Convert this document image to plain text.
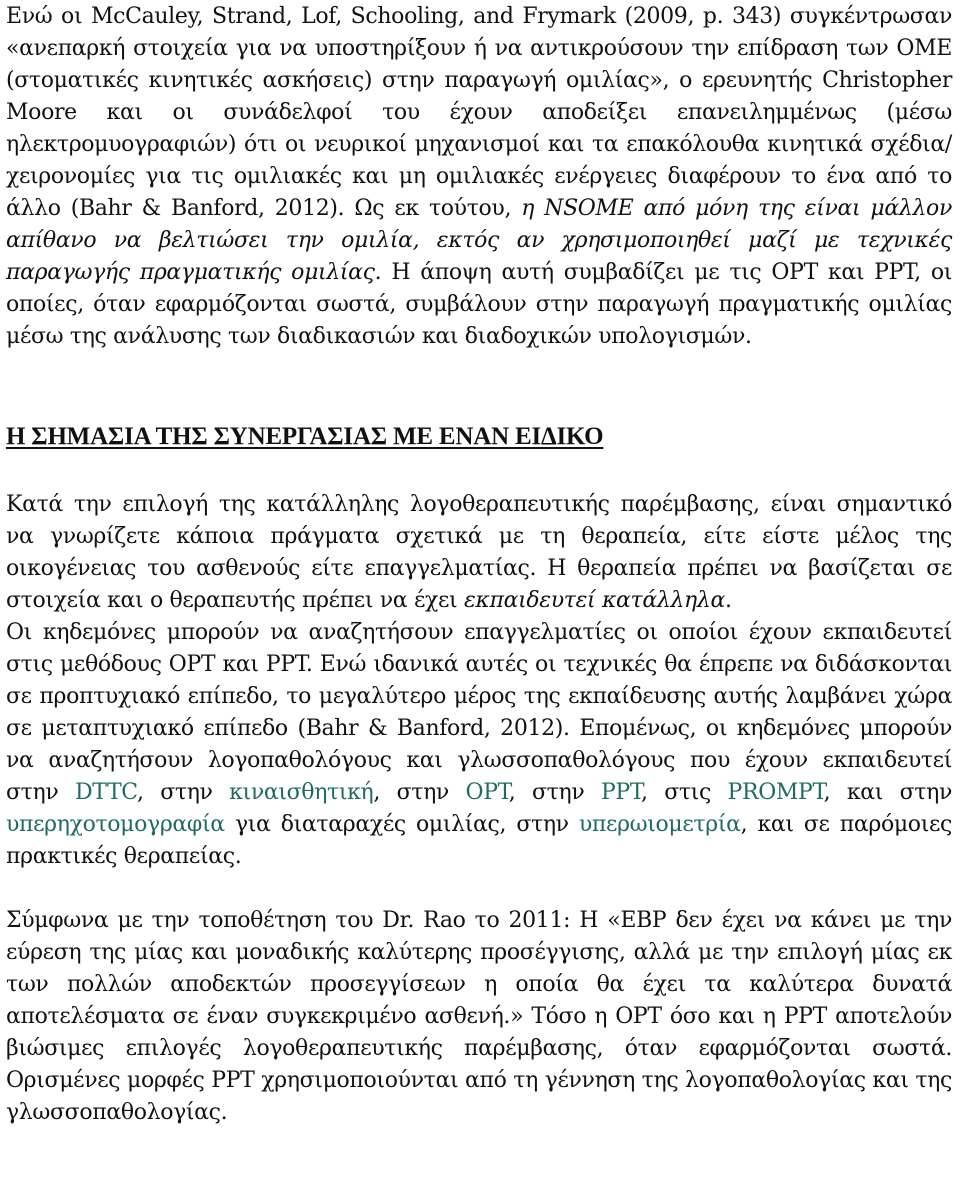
Ενώ οι McCauley, Strand, Lof, Schooling, and Frymark (2009, p. 343) συγκέντρωσαν «ανεπαρκή στοιχεία για να υποστηρίξουν ή να αντικρούσουν την επίδραση των ΟΜΕ (στοματικές κινητικές ασκήσεις) στην παραγωγή ομιλίας», ο ερευνητής Christopher Moore και οι συνάδελφοί του έχουν αποδείξει επανειλημμένως (μέσω ηλεκτρομυογραφιών) ότι οι νευρικοί μηχανισμοί και τα επακόλουθα κινητικά σχέδια/χειρονομίες για τις ομιλιακές και μη ομιλιακές ενέργειες διαφέρουν το ένα από το άλλο (Bahr & Banford, 2012). Ως εκ τούτου, η NSOME από μόνη της είναι μάλλον απίθανο να βελτιώσει την ομιλία, εκτός αν χρησιμοποιηθεί μαζί με τεχνικές παραγωγής πραγματικής ομιλίας. Η άποψη αυτή συμβαδίζει με τις OPT και PPT, οι οποίες, όταν εφαρμόζονται σωστά, συμβάλουν στην παραγωγή πραγματικής ομιλίας μέσω της ανάλυσης των διαδικασιών και διαδοχικών υπολογισμών.

Η ΣΗΜΑΣΙΑ ΤΗΣ ΣΥΝΕΡΓΑΣΙΑΣ ΜΕ ΕΝΑΝ ΕΙΔΙΚΟ

Κατά την επιλογή της κατάλληλης λογοθεραπευτικής παρέμβασης, είναι σημαντικό να γνωρίζετε κάποια πράγματα σχετικά με τη θεραπεία, είτε είστε μέλος της οικογένειας του ασθενούς είτε επαγγελματίας. Η θεραπεία πρέπει να βασίζεται σε στοιχεία και ο θεραπευτής πρέπει να έχει εκπαιδευτεί κατάλληλα.

Οι κηδεμόνες μπορούν να αναζητήσουν επαγγελματίες οι οποίοι έχουν εκπαιδευτεί στις μεθόδους OPT και PPT. Ενώ ιδανικά αυτές οι τεχνικές θα έπρεπε να διδάσκονται σε προπτυχιακό επίπεδο, το μεγαλύτερο μέρος της εκπαίδευσης αυτής λαμβάνει χώρα σε μεταπτυχιακό επίπεδο (Bahr & Banford, 2012). Επομένως, οι κηδεμόνες μπορούν να αναζητήσουν λογοπαθολόγους και γλωσσοπαθολόγους που έχουν εκπαιδευτεί στην DTTC, στην κιναισθητική, στην OPT, στην PPT, στις PROMPT, και στην υπερηχοτομογραφία για διαταραχές ομιλίας, στην υπερωιομετρία, και σε παρόμοιες πρακτικές θεραπείας.

Σύμφωνα με την τοποθέτηση του Dr. Rao το 2011: Η «EBP δεν έχει να κάνει με την εύρεση της μίας και μοναδικής καλύτερης προσέγγισης, αλλά με την επιλογή μίας εκ των πολλών αποδεκτών προσεγγίσεων η οποία θα έχει τα καλύτερα δυνατά αποτελέσματα σε έναν συγκεκριμένο ασθενή.» Τόσο η OPT όσο και η PPT αποτελούν βιώσιμες επιλογές λογοθεραπευτικής παρέμβασης, όταν εφαρμόζονται σωστά. Ορισμένες μορφές PPT χρησιμοποιούνται από τη γέννηση της λογοπαθολογίας και της γλωσσοπαθολογίας.
